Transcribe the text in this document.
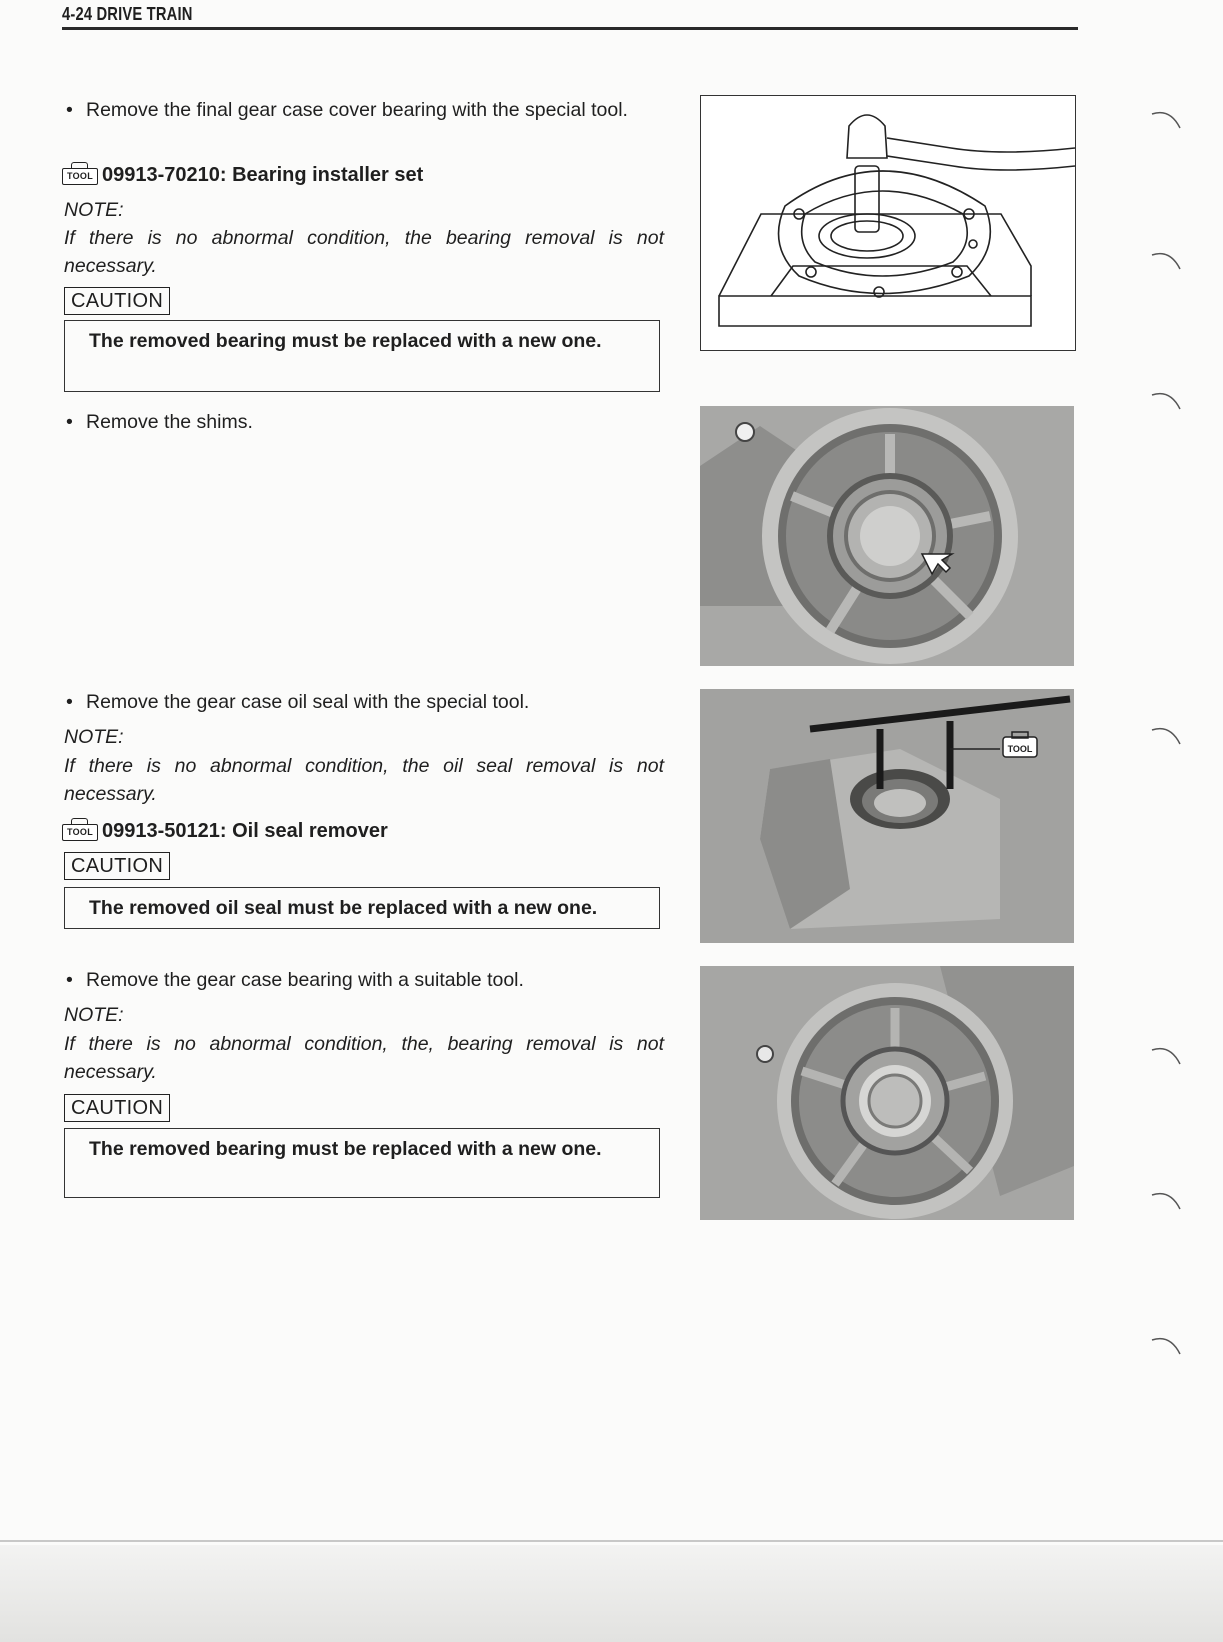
4-24 DRIVE TRAIN
• Remove the final gear case cover bearing with the special tool.
TOOL 09913-70210: Bearing installer set
NOTE:
If there is no abnormal condition, the bearing removal is not necessary.
CAUTION
The removed bearing must be replaced with a new one.
• Remove the shims.
• Remove the gear case oil seal with the special tool.
NOTE:
If there is no abnormal condition, the oil seal removal is not necessary.
TOOL 09913-50121: Oil seal remover
CAUTION
The removed oil seal must be replaced with a new one.
TOOL
• Remove the gear case bearing with a suitable tool.
NOTE:
If there is no abnormal condition, the, bearing removal is not necessary.
CAUTION
The removed bearing must be replaced with a new one.
